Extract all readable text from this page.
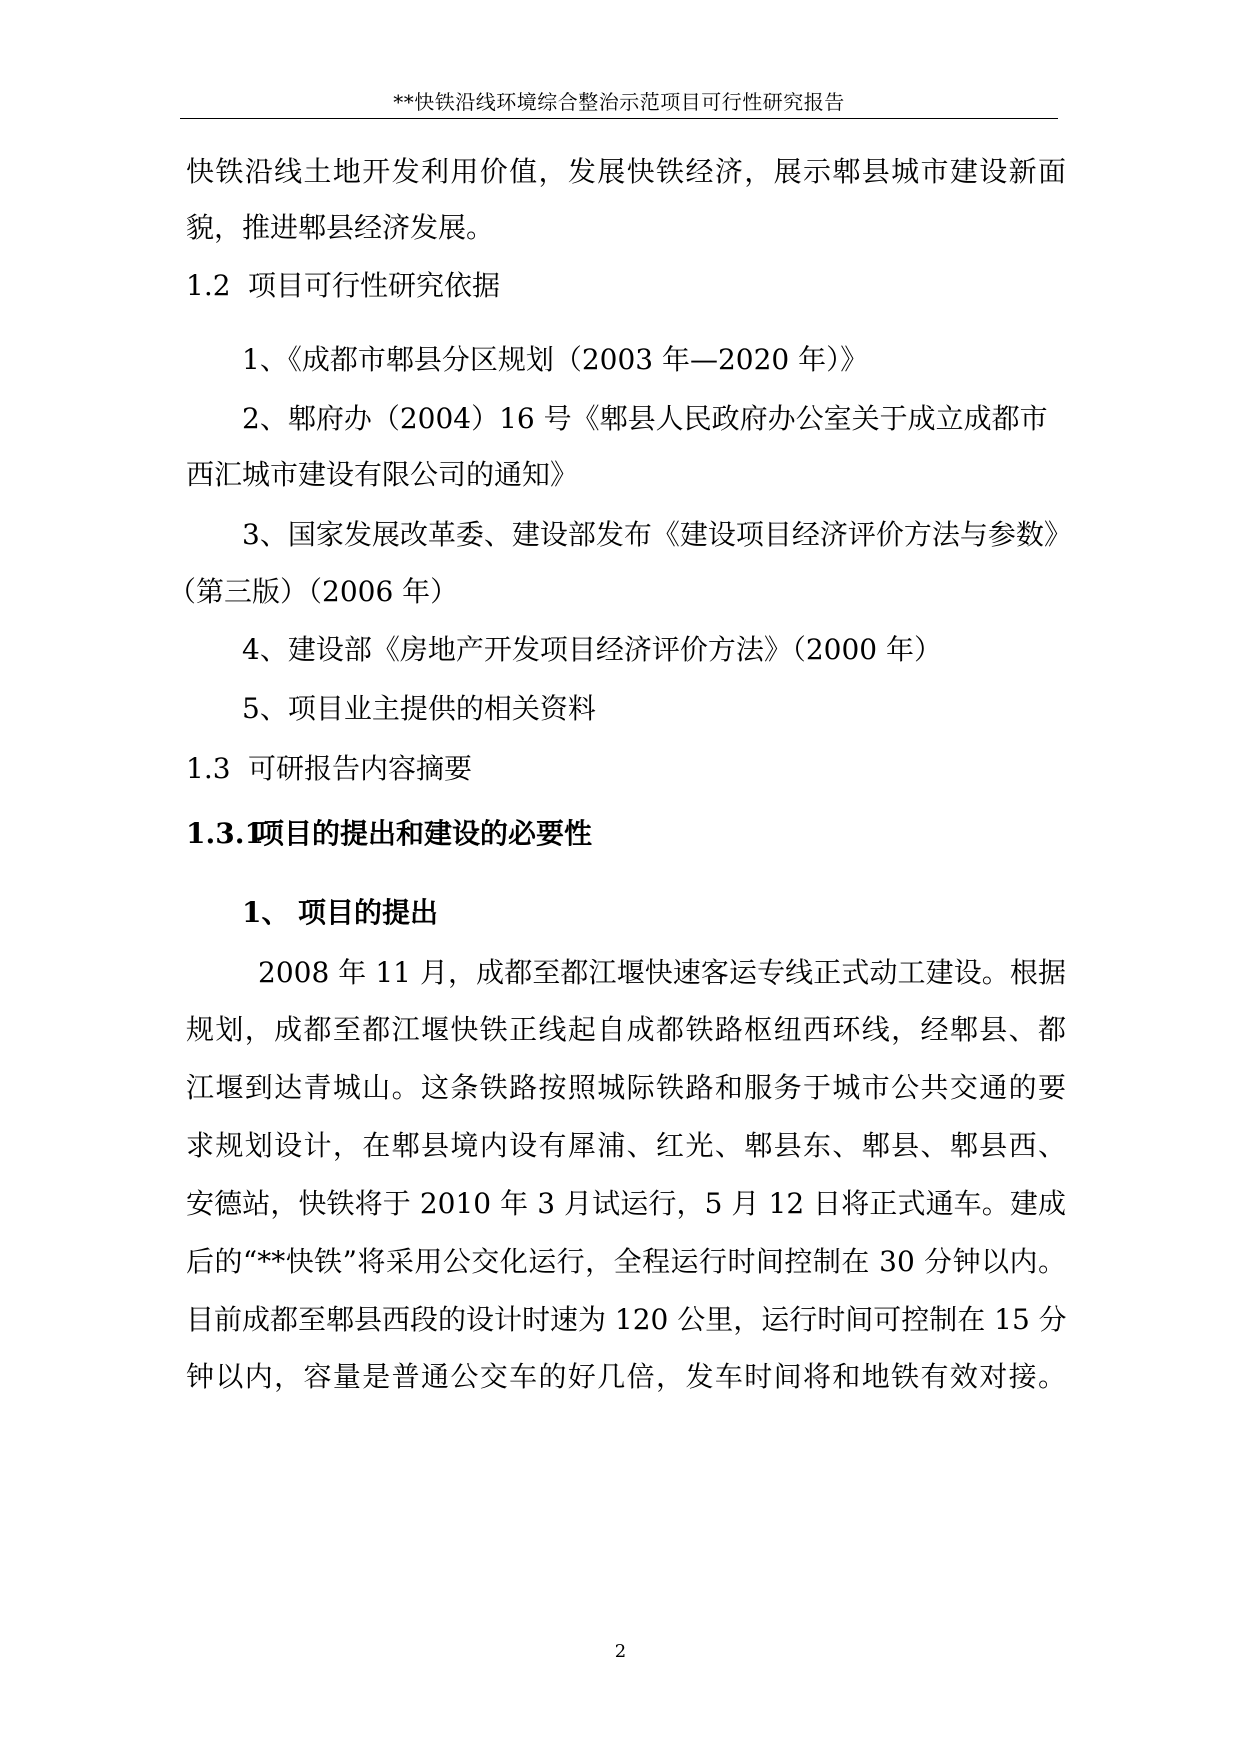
**快铁沿线环境综合整治示范项目可行性研究报告
快铁沿线土地开发利用价值，发展快铁经济，展示郫县城市建设新面
貌，推进郫县经济发展。
1.2 项目可行性研究依据
1、《成都市郫县分区规划（2003 年—2020 年）》
2、郫府办（2004）16 号《郫县人民政府办公室关于成立成都市
西汇城市建设有限公司的通知》
3、国家发展改革委、建设部发布《建设项目经济评价方法与参数》
（第三版）（2006 年）
4、建设部《房地产开发项目经济评价方法》（2000 年）
5、项目业主提供的相关资料
1.3 可研报告内容摘要
1.3.1项目的提出和建设的必要性
1、 项目的提出
2008 年 11 月，成都至都江堰快速客运专线正式动工建设。根据
规划，成都至都江堰快铁正线起自成都铁路枢纽西环线，经郫县、都
江堰到达青城山。这条铁路按照城际铁路和服务于城市公共交通的要
求规划设计，在郫县境内设有犀浦、红光、郫县东、郫县、郫县西、
安德站，快铁将于 2010 年 3 月试运行，5 月 12 日将正式通车。建成
后的“**快铁”将采用公交化运行，全程运行时间控制在 30 分钟以内。
目前成都至郫县西段的设计时速为 120 公里，运行时间可控制在 15 分
钟以内，容量是普通公交车的好几倍，发车时间将和地铁有效对接。
2
